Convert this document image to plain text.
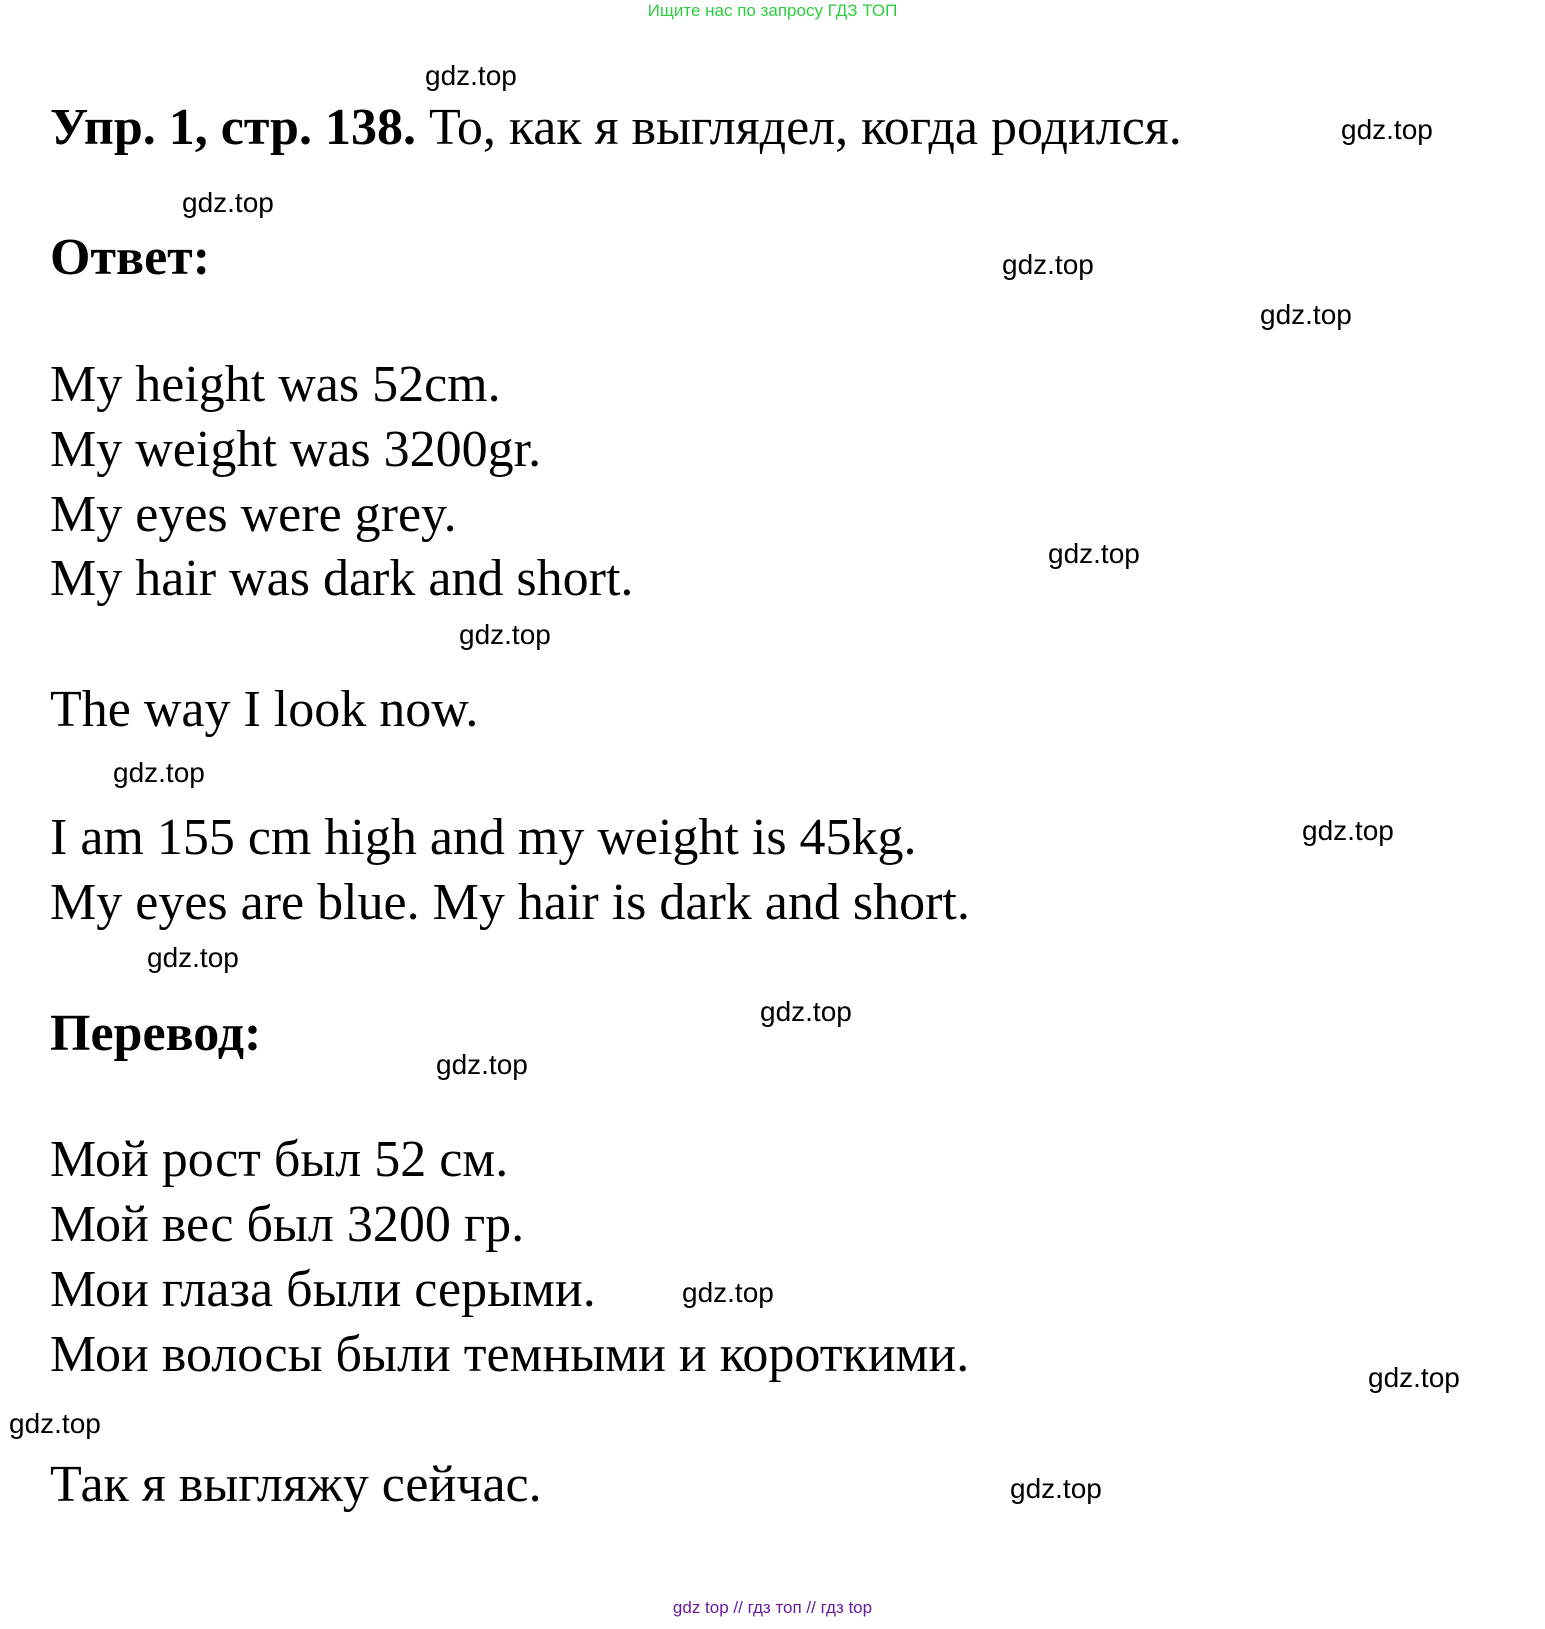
Ищите нас по запросу ГДЗ ТОП
Упр. 1, стр. 138. То, как я выглядел, когда родился.
Ответ:
My height was 52cm.
My weight was 3200gr.
My eyes were grey.
My hair was dark and short.
The way I look now.
I am 155 cm high and my weight is 45kg.
My eyes are blue. My hair is dark and short.
Перевод:
Мой рост был 52 см.
Мой вес был 3200 гр.
Мои глаза были серыми.
Мои волосы были темными и короткими.
Так я выгляжу сейчас.
gdz.top
gdz.top
gdz.top
gdz.top
gdz.top
gdz.top
gdz.top
gdz.top
gdz.top
gdz.top
gdz.top
gdz.top
gdz.top
gdz.top
gdz.top
gdz.top
gdz top // гдз топ // гдз top
